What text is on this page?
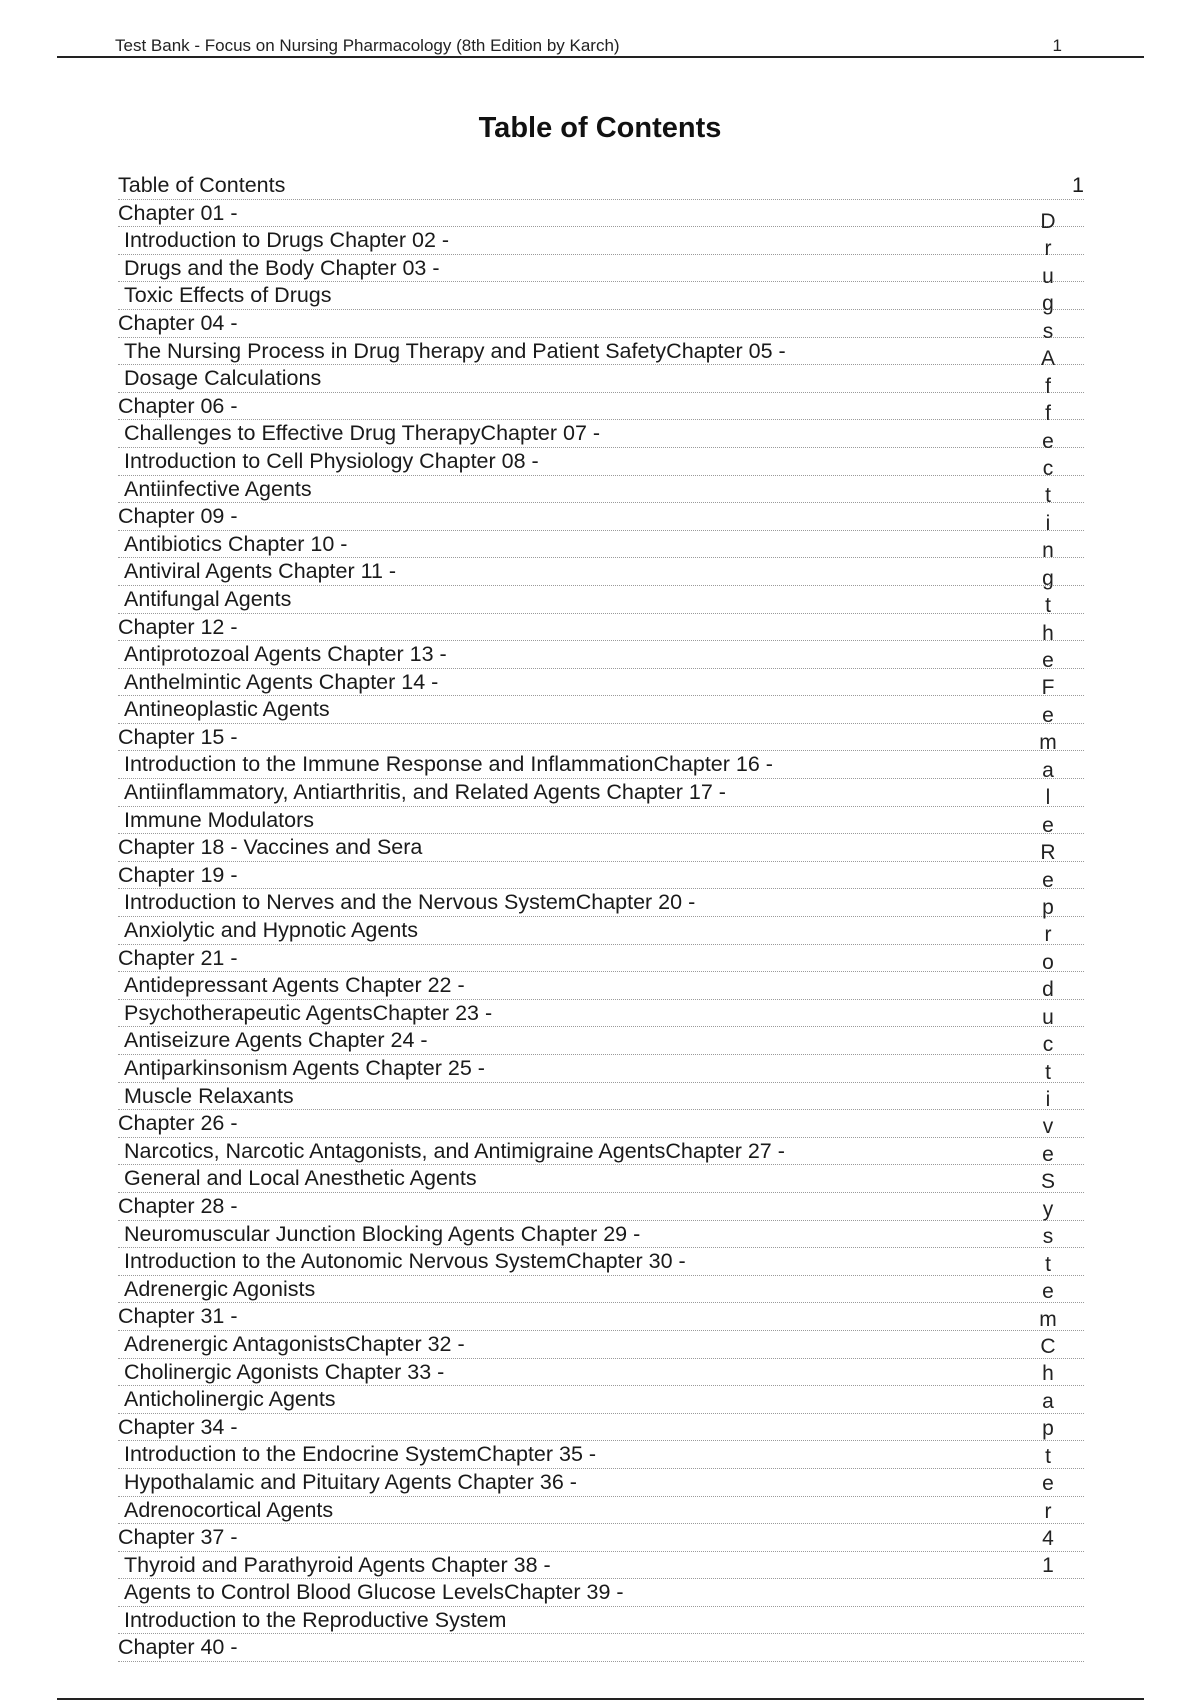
Test Bank - Focus on Nursing Pharmacology (8th Edition by Karch)	1
Table of Contents
Table of Contents	1
Chapter 01 -
Introduction to Drugs Chapter 02 -
Drugs and the Body Chapter 03 -
Toxic Effects of Drugs
Chapter 04 -
The Nursing Process in Drug Therapy and Patient SafetyChapter 05 -
Dosage Calculations
Chapter 06 -
Challenges to Effective Drug TherapyChapter 07 -
Introduction to Cell Physiology Chapter 08 -
Antiinfective Agents
Chapter 09 -
Antibiotics Chapter 10 -
Antiviral Agents Chapter 11 -
Antifungal Agents
Chapter 12 -
Antiprotozoal Agents Chapter 13 -
Anthelmintic Agents Chapter 14 -
Antineoplastic Agents
Chapter 15 -
Introduction to the Immune Response and InflammationChapter 16 -
Antiinflammatory, Antiarthritis, and Related Agents Chapter 17 -
Immune Modulators
Chapter 18 - Vaccines and Sera
Chapter 19 -
Introduction to Nerves and the Nervous SystemChapter 20 -
Anxiolytic and Hypnotic Agents
Chapter 21 -
Antidepressant Agents Chapter 22 -
Psychotherapeutic AgentsChapter 23 -
Antiseizure Agents Chapter 24 -
Antiparkinsonism Agents Chapter 25 -
Muscle Relaxants
Chapter 26 -
Narcotics, Narcotic Antagonists, and Antimigraine AgentsChapter 27 -
General and Local Anesthetic Agents
Chapter 28 -
Neuromuscular Junction Blocking Agents Chapter 29 -
Introduction to the Autonomic Nervous SystemChapter 30 -
Adrenergic Agonists
Chapter 31 -
Adrenergic AntagonistsChapter 32 -
Cholinergic Agonists Chapter 33 -
Anticholinergic Agents
Chapter 34 -
Introduction to the Endocrine SystemChapter 35 -
Hypothalamic and Pituitary Agents Chapter 36 -
Adrenocortical Agents
Chapter 37 -
Thyroid and Parathyroid Agents Chapter 38 -
Agents to Control Blood Glucose LevelsChapter 39 -
Introduction to the Reproductive System
Chapter 40 -
D
r
u
g
s
A
f
f
e
c
t
i
n
g
t
h
e
F
e
m
a
l
e
R
e
p
r
o
d
u
c
t
i
v
e
S
y
s
t
e
m
C
h
a
p
t
e
r
4
1
